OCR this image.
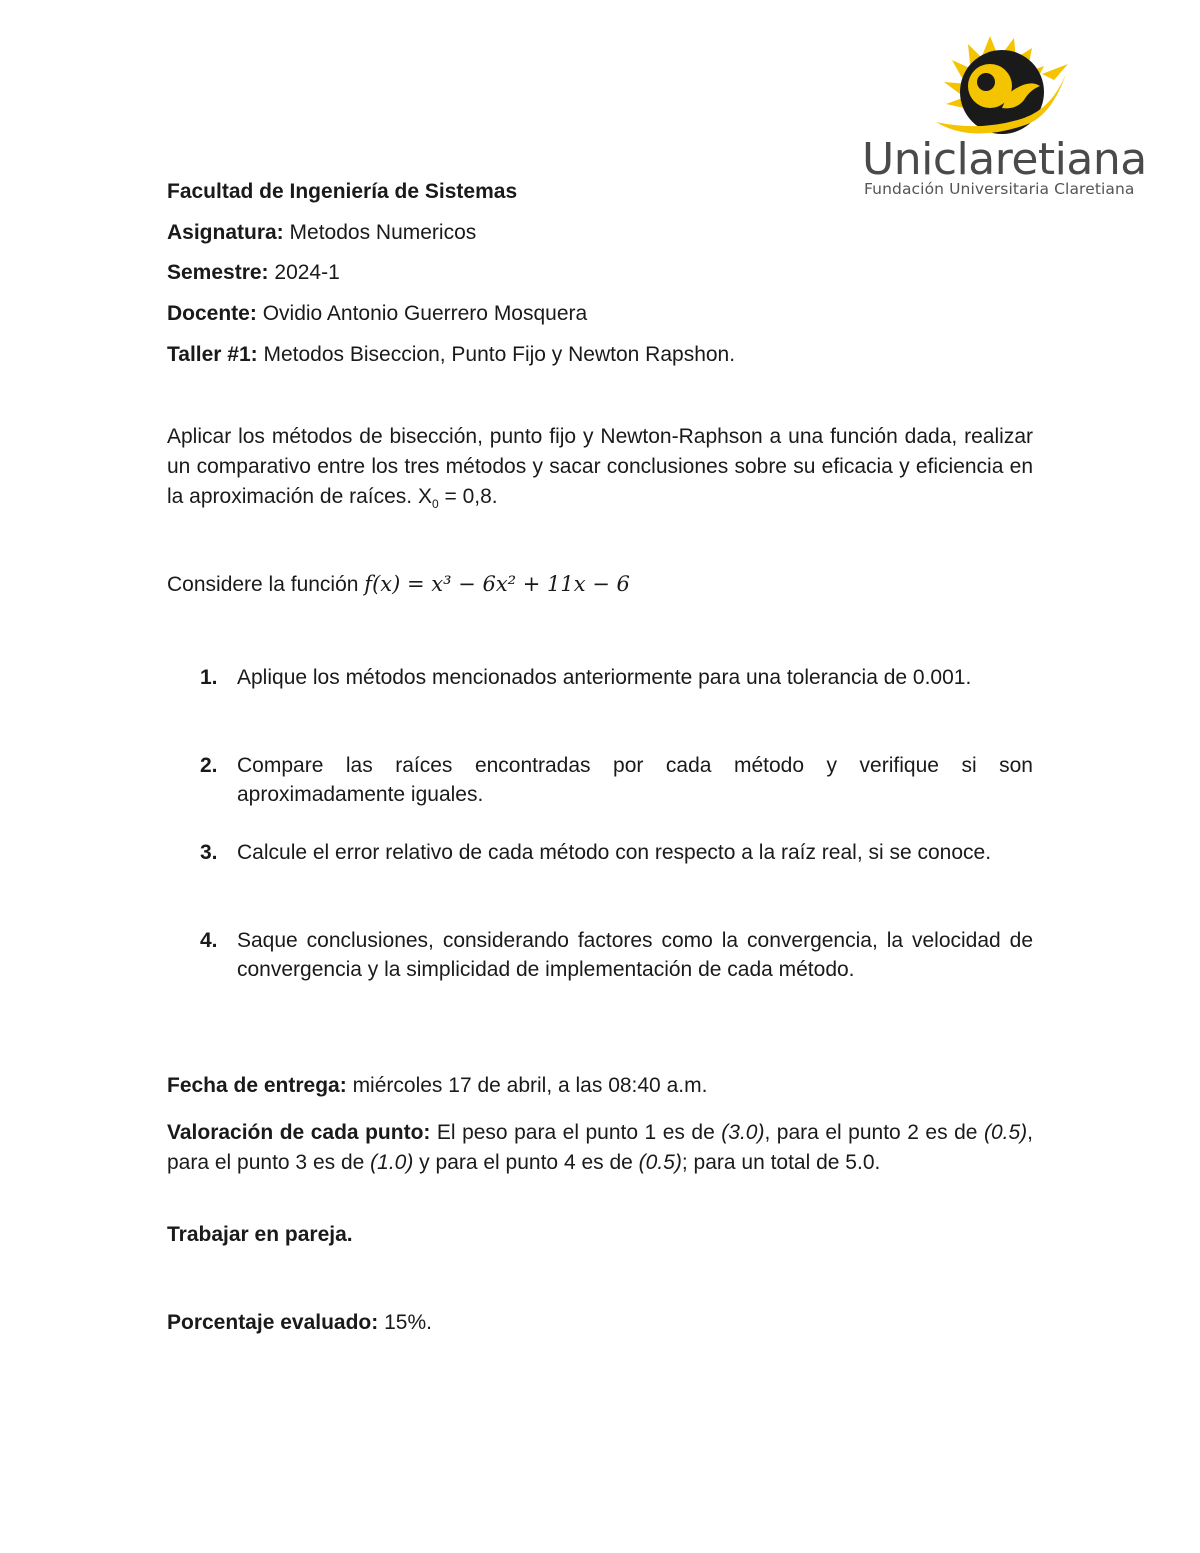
Uniclaretiana
Fundación Universitaria Claretiana
Facultad de Ingeniería de Sistemas
Asignatura: Metodos Numericos
Semestre: 2024-1
Docente: Ovidio Antonio Guerrero Mosquera
Taller #1: Metodos Biseccion, Punto Fijo y Newton Rapshon.
Aplicar los métodos de bisección, punto fijo y Newton-Raphson a una función dada, realizar un comparativo entre los tres métodos y sacar conclusiones sobre su eficacia y eficiencia en la aproximación de raíces. $X_0 = 0,8$.
Considere la función f(x) = x³ − 6x² + 11x − 6
1. Aplique los métodos mencionados anteriormente para una tolerancia de 0.001.
2. Compare las raíces encontradas por cada método y verifique si son aproximadamente iguales.
3. Calcule el error relativo de cada método con respecto a la raíz real, si se conoce.
4. Saque conclusiones, considerando factores como la convergencia, la velocidad de convergencia y la simplicidad de implementación de cada método.
Fecha de entrega: miércoles 17 de abril, a las 08:40 a.m.
Valoración de cada punto: El peso para el punto 1 es de (3.0), para el punto 2 es de (0.5), para el punto 3 es de (1.0) y para el punto 4 es de (0.5); para un total de 5.0.
Trabajar en pareja.
Porcentaje evaluado: 15%.
